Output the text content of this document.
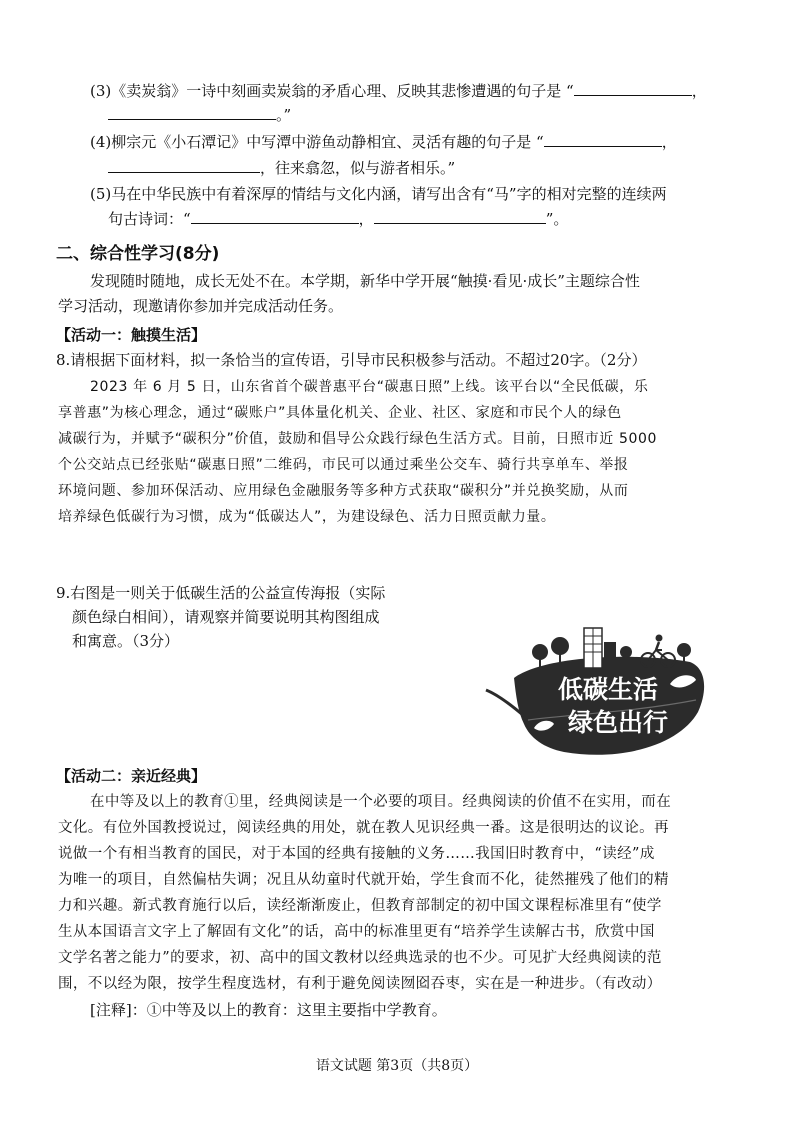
(3)《卖炭翁》一诗中刻画卖炭翁的矛盾心理、反映其悲惨遭遇的句子是 “	，
。”
(4)柳宗元《小石潭记》中写潭中游鱼动静相宜、灵活有趣的句子是 “	，
，往来翕忽，似与游者相乐。”
(5)马在中华民族中有着深厚的情结与文化内涵，请写出含有“马”字的相对完整的连续两
句古诗词：“	，	”。
二、综合性学习(8分)
发现随时随地，成长无处不在。本学期，新华中学开展“触摸·看见·成长”主题综合性
学习活动，现邀请你参加并完成活动任务。
【活动一：触摸生活】
8.请根据下面材料，拟一条恰当的宣传语，引导市民积极参与活动。不超过20字。（2分）
2023 年 6 月 5 日，山东省首个碳普惠平台“碳惠日照”上线。该平台以“全民低碳，乐
享普惠”为核心理念，通过“碳账户”具体量化机关、企业、社区、家庭和市民个人的绿色
减碳行为，并赋予“碳积分”价值，鼓励和倡导公众践行绿色生活方式。目前，日照市近 5000
个公交站点已经张贴“碳惠日照”二维码，市民可以通过乘坐公交车、骑行共享单车、举报
环境问题、参加环保活动、应用绿色金融服务等多种方式获取“碳积分”并兑换奖励，从而
培养绿色低碳行为习惯，成为“低碳达人”，为建设绿色、活力日照贡献力量。
9.右图是一则关于低碳生活的公益宣传海报（实际
颜色绿白相间），请观察并简要说明其构图组成
和寓意。（3分）
低碳生活
绿色出行
【活动二：亲近经典】
在中等及以上的教育①里，经典阅读是一个必要的项目。经典阅读的价值不在实用，而在
文化。有位外国教授说过，阅读经典的用处，就在教人见识经典一番。这是很明达的议论。再
说做一个有相当教育的国民，对于本国的经典有接触的义务……我国旧时教育中，“读经”成
为唯一的项目，自然偏枯失调；况且从幼童时代就开始，学生食而不化，徒然摧残了他们的精
力和兴趣。新式教育施行以后，读经渐渐废止，但教育部制定的初中国文课程标准里有“使学
生从本国语言文字上了解固有文化”的话，高中的标准里更有“培养学生读解古书，欣赏中国
文学名著之能力”的要求，初、高中的国文教材以经典选录的也不少。可见扩大经典阅读的范
围，不以经为限，按学生程度选材，有利于避免阅读囫囵吞枣，实在是一种进步。（有改动）
[注释]：①中等及以上的教育：这里主要指中学教育。
语文试题 第3页（共8页）
